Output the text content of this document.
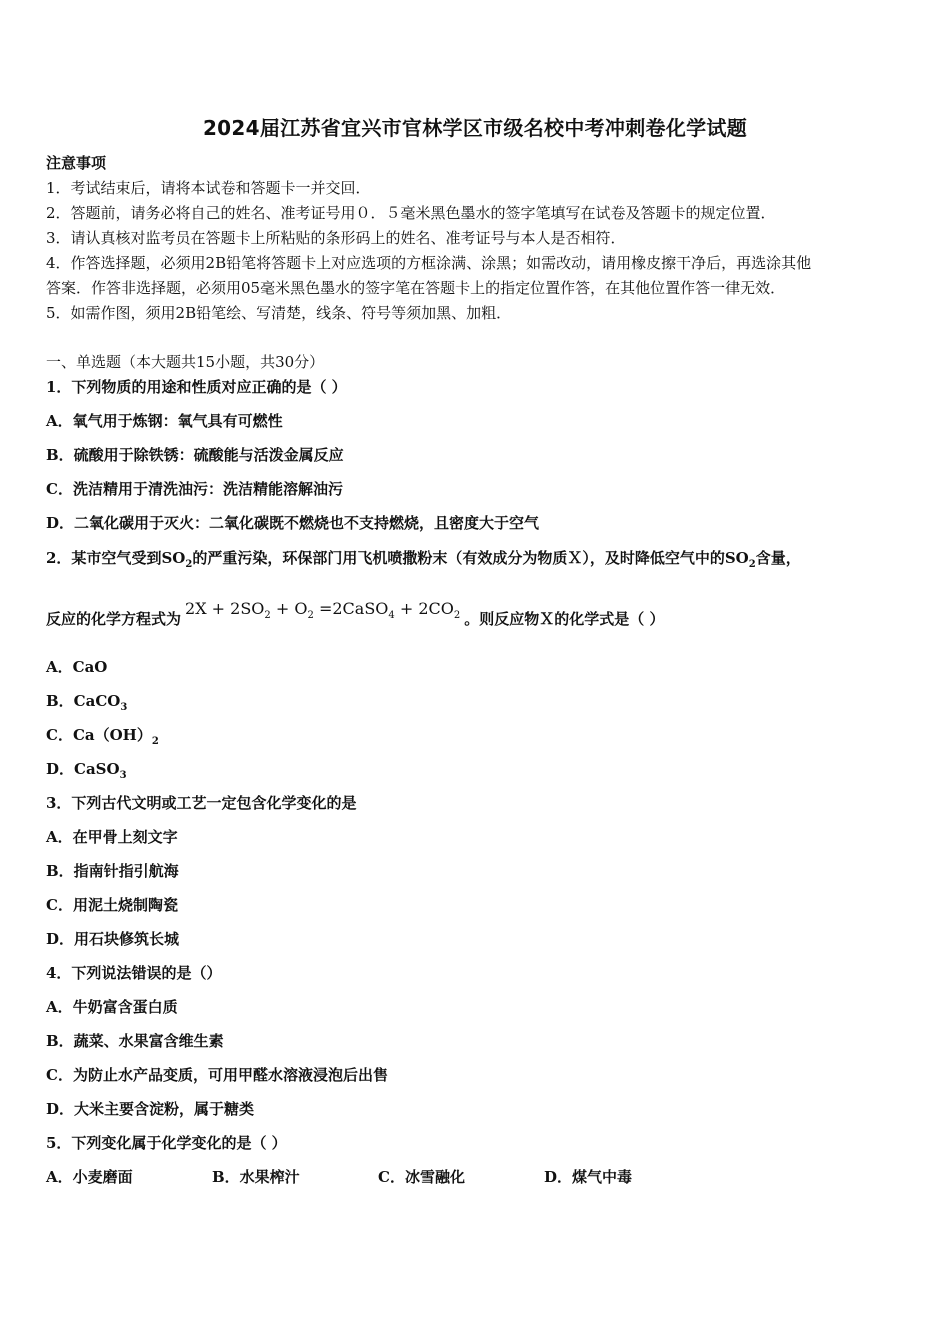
2024届江苏省宜兴市官林学区市级名校中考冲刺卷化学试题
注意事项
1．考试结束后，请将本试卷和答题卡一并交回．
2．答题前，请务必将自己的姓名、准考证号用０．５毫米黑色墨水的签字笔填写在试卷及答题卡的规定位置．
3．请认真核对监考员在答题卡上所粘贴的条形码上的姓名、准考证号与本人是否相符．
4．作答选择题，必须用2B铅笔将答题卡上对应选项的方框涂满、涂黑；如需改动，请用橡皮擦干净后，再选涂其他
答案．作答非选择题，必须用05毫米黑色墨水的签字笔在答题卡上的指定位置作答，在其他位置作答一律无效．
5．如需作图，须用2B铅笔绘、写清楚，线条、符号等须加黑、加粗．
一、单选题（本大题共15小题，共30分）
1．下列物质的用途和性质对应正确的是（ ）
A．氧气用于炼钢：氧气具有可燃性
B．硫酸用于除铁锈：硫酸能与活泼金属反应
C．洗洁精用于清洗油污：洗洁精能溶解油污
D．二氧化碳用于灭火：二氧化碳既不燃烧也不支持燃烧，且密度大于空气
2．某市空气受到$SO_2$的严重污染，环保部门用飞机喷撒粉末（有效成分为物质Ｘ），及时降低空气中的$SO_2$含量，
反应的化学方程式为$2X + 2SO_2 + O_2$ =2CaSO$_4$ + $2CO_2$ 。则反应物Ｘ的化学式是（ ）
A．CaO
B．CaCO$_3$
C．$Ca(OH)_2$
D．CaSO$_3$
3．下列古代文明或工艺一定包含化学变化的是
A．在甲骨上刻文字
B．指南针指引航海
C．用泥土烧制陶瓷
D．用石块修筑长城
4．下列说法错误的是（）
A．牛奶富含蛋白质
B．蔬菜、水果富含维生素
C．为防止水产品变质，可用甲醛水溶液浸泡后出售
D．大米主要含淀粉，属于糖类
5．下列变化属于化学变化的是（ ）
A．小麦磨面	B．水果榨汁	C．冰雪融化	D．煤气中毒
